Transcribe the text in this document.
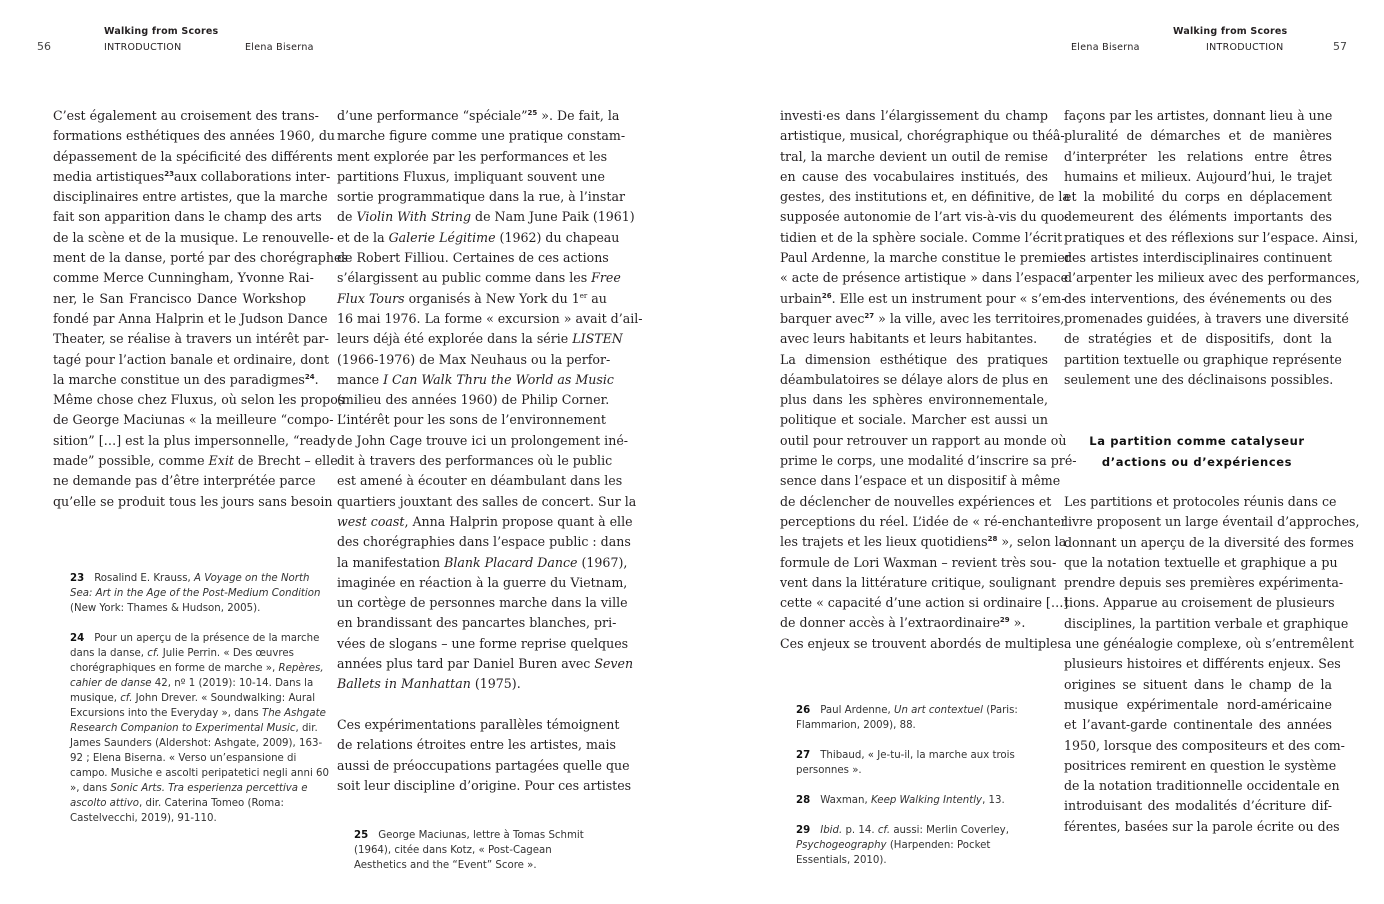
56
Walking from Scores
INTRODUCTION	Elena Biserna
C’est également au croisement des trans-
formations esthétiques des années 1960, du
dépassement de la spécificité des différents
media artistiques$^{23}$aux collaborations inter-
disciplinaires entre artistes, que la marche
fait son apparition dans le champ des arts
de la scène et de la musique. Le renouvelle-
ment de la danse, porté par des chorégraphes
comme Merce Cunningham, Yvonne Rai-
ner, le San Francisco Dance Workshop
fondé par Anna Halprin et le Judson Dance
Theater, se réalise à travers un intérêt par-
tagé pour l’action banale et ordinaire, dont
la marche constitue un des paradigmes$^{24}$.
Même chose chez Fluxus, où selon les propos
de George Maciunas « la meilleure “compo-
sition” […] est la plus impersonnelle, “ready
made” possible, comme Exit de Brecht – elle
ne demande pas d’être interprétée parce
qu’elle se produit tous les jours sans besoin
d’une performance “spéciale”$^{25}$ ». De fait, la
marche figure comme une pratique constam-
ment explorée par les performances et les
partitions Fluxus, impliquant souvent une
sortie programmatique dans la rue, à l’instar
de Violin With String de Nam June Paik (1961)
et de la Galerie Légitime (1962) du chapeau
de Robert Filliou. Certaines de ces actions
s’élargissent au public comme dans les Free
Flux Tours organisés à New York du 1er au
16 mai 1976. La forme « excursion » avait d’ail-
leurs déjà été explorée dans la série LISTEN
(1966-1976) de Max Neuhaus ou la perfor-
mance I Can Walk Thru the World as Music
(milieu des années 1960) de Philip Corner.
L’intérêt pour les sons de l’environnement
de John Cage trouve ici un prolongement iné-
dit à travers des performances où le public
est amené à écouter en déambulant dans les
quartiers jouxtant des salles de concert. Sur la
west coast, Anna Halprin propose quant à elle
des chorégraphies dans l’espace public : dans
la manifestation Blank Placard Dance (1967),
imaginée en réaction à la guerre du Vietnam,
un cortège de personnes marche dans la ville
en brandissant des pancartes blanches, pri-
vées de slogans – une forme reprise quelques
années plus tard par Daniel Buren avec Seven
Ballets in Manhattan (1975).
Ces expérimentations parallèles témoignent
de relations étroites entre les artistes, mais
aussi de préoccupations partagées quelle que
soit leur discipline d’origine. Pour ces artistes
23 Rosalind E. Krauss, A Voyage on the North Sea: Art in the Age of the Post-Medium Condition (New York: Thames & Hudson, 2005).
24 Pour un aperçu de la présence de la marche dans la danse, cf. Julie Perrin. « Des œuvres chorégraphiques en forme de marche », Repères, cahier de danse 42, nº 1 (2019): 10-14. Dans la musique, cf. John Drever. « Soundwalking: Aural Excursions into the Everyday », dans The Ashgate Research Companion to Experimental Music, dir. James Saunders (Aldershot: Ashgate, 2009), 163-92 ; Elena Biserna. « Verso un’espansione di campo. Musiche e ascolti peripatetici negli anni 60 », dans Sonic Arts. Tra esperienza percettiva e ascolto attivo, dir. Caterina Tomeo (Roma: Castelvecchi, 2019), 91-110.
25 George Maciunas, lettre à Tomas Schmit (1964), citée dans Kotz, « Post-Cagean Aesthetics and the “Event” Score ».
Elena Biserna
Walking from Scores
INTRODUCTION	57
investi·es dans l’élargissement du champ
artistique, musical, chorégraphique ou théâ-
tral, la marche devient un outil de remise
en cause des vocabulaires institués, des
gestes, des institutions et, en définitive, de la
supposée autonomie de l’art vis-à-vis du quo-
tidien et de la sphère sociale. Comme l’écrit
Paul Ardenne, la marche constitue le premier
« acte de présence artistique » dans l’espace
urbain$^{26}$. Elle est un instrument pour « s’em-
barquer avec$^{27}$ » la ville, avec les territoires,
avec leurs habitants et leurs habitantes.
La dimension esthétique des pratiques
déambulatoires se délaye alors de plus en
plus dans les sphères environnementale,
politique et sociale. Marcher est aussi un
outil pour retrouver un rapport au monde où
prime le corps, une modalité d’inscrire sa pré-
sence dans l’espace et un dispositif à même
de déclencher de nouvelles expériences et
perceptions du réel. L’idée de « ré-enchanter
les trajets et les lieux quotidiens$^{28}$ », selon la
formule de Lori Waxman – revient très sou-
vent dans la littérature critique, soulignant
cette « capacité d’une action si ordinaire […]
de donner accès à l’extraordinaire$^{29}$ ».
Ces enjeux se trouvent abordés de multiples
façons par les artistes, donnant lieu à une
pluralité de démarches et de manières
d’interpréter les relations entre êtres
humains et milieux. Aujourd’hui, le trajet
et la mobilité du corps en déplacement
demeurent des éléments importants des
pratiques et des réflexions sur l’espace. Ainsi,
des artistes interdisciplinaires continuent
d’arpenter les milieux avec des performances,
des interventions, des événements ou des
promenades guidées, à travers une diversité
de stratégies et de dispositifs, dont la
partition textuelle ou graphique représente
seulement une des déclinaisons possibles.
La partition comme catalyseur
d’actions ou d’expériences
Les partitions et protocoles réunis dans ce
livre proposent un large éventail d’approches,
donnant un aperçu de la diversité des formes
que la notation textuelle et graphique a pu
prendre depuis ses premières expérimenta-
tions. Apparue au croisement de plusieurs
disciplines, la partition verbale et graphique
a une généalogie complexe, où s’entremêlent
plusieurs histoires et différents enjeux. Ses
origines se situent dans le champ de la
musique expérimentale nord-américaine
et l’avant-garde continentale des années
1950, lorsque des compositeurs et des com-
positrices remirent en question le système
de la notation traditionnelle occidentale en
introduisant des modalités d’écriture dif-
férentes, basées sur la parole écrite ou des
26 Paul Ardenne, Un art contextuel (Paris: Flammarion, 2009), 88.
27 Thibaud, « Je-tu-il, la marche aux trois personnes ».
28 Waxman, Keep Walking Intently, 13.
29 Ibid. p. 14. cf. aussi: Merlin Coverley, Psychogeography (Harpenden: Pocket Essentials, 2010).
